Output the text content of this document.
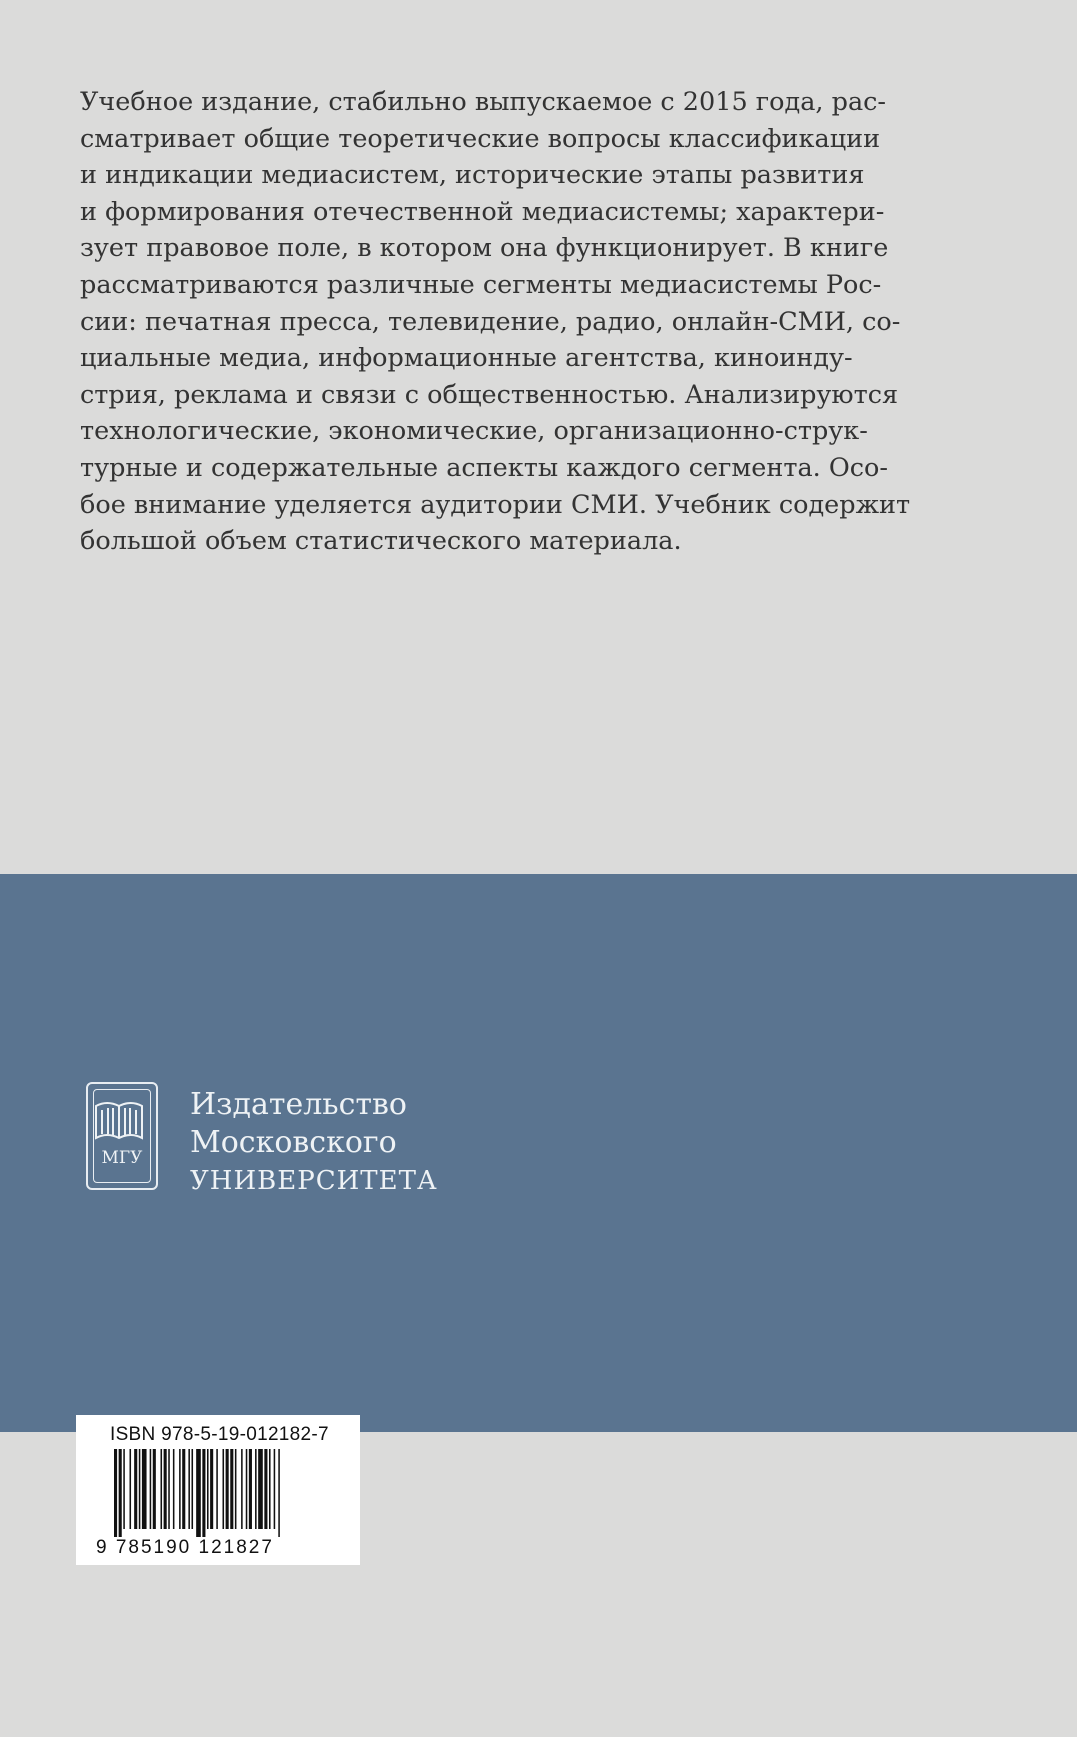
Учебное издание, стабильно выпускаемое с 2015 года, рас-
сматривает общие теоретические вопросы классификации
и индикации медиасистем, исторические этапы развития
и формирования отечественной медиасистемы; характери-
зует правовое поле, в котором она функционирует. В книге
рассматриваются различные сегменты медиасистемы Рос-
сии: печатная пресса, телевидение, радио, онлайн-СМИ, со-
циальные медиа, информационные агентства, киноинду-
стрия, реклама и связи с общественностью. Анализируются
технологические, экономические, организационно-струк-
турные и содержательные аспекты каждого сегмента. Осо-
бое внимание уделяется аудитории СМИ. Учебник содержит
большой объем статистического материала.
МГУ
Издательство
Московского
УНИВЕРСИТЕТА
ISBN 978-5-19-012182-7
9 785190 121827
